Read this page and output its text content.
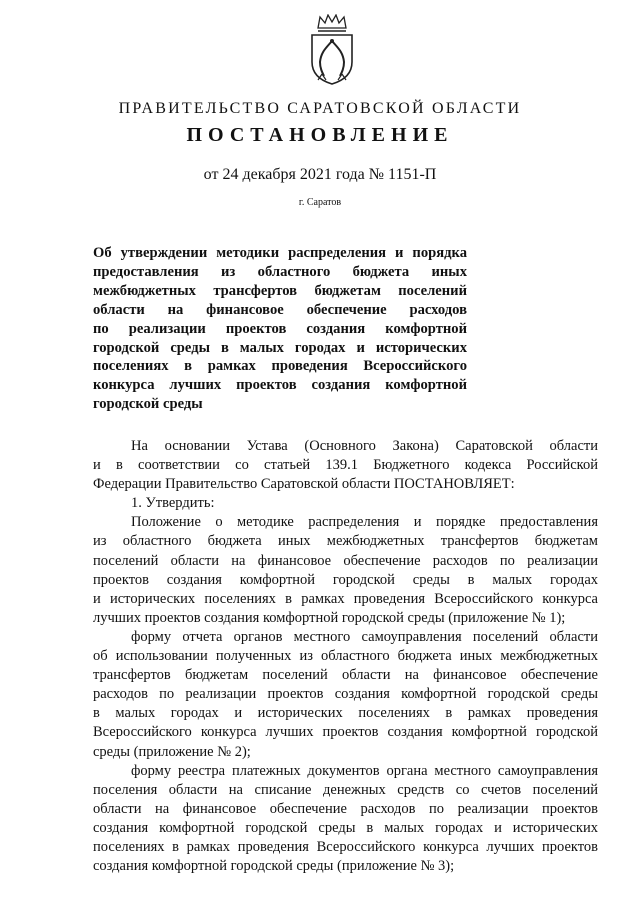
ПРАВИТЕЛЬСТВО САРАТОВСКОЙ ОБЛАСТИ
ПОСТАНОВЛЕНИЕ
от 24 декабря 2021 года № 1151-П
г. Саратов

Об утверждении методики распределения и порядка
предоставления из областного бюджета иных
межбюджетных трансфертов бюджетам поселений
области на финансовое обеспечение расходов
по реализации проектов создания комфортной
городской среды в малых городах и исторических
поселениях в рамках проведения Всероссийского
конкурса лучших проектов создания комфортной
городской среды

На основании Устава (Основного Закона) Саратовской области
и в соответствии со статьей 139.1 Бюджетного кодекса Российской
Федерации Правительство Саратовской области ПОСТАНОВЛЯЕТ:
1. Утвердить:
Положение о методике распределения и порядке предоставления
из областного бюджета иных межбюджетных трансфертов бюджетам
поселений области на финансовое обеспечение расходов по реализации
проектов создания комфортной городской среды в малых городах
и исторических поселениях в рамках проведения Всероссийского конкурса
лучших проектов создания комфортной городской среды (приложение № 1);
форму отчета органов местного самоуправления поселений области
об использовании полученных из областного бюджета иных межбюджетных
трансфертов бюджетам поселений области на финансовое обеспечение
расходов по реализации проектов создания комфортной городской среды
в малых городах и исторических поселениях в рамках проведения
Всероссийского конкурса лучших проектов создания комфортной городской
среды (приложение № 2);
форму реестра платежных документов органа местного самоуправления
поселения области на списание денежных средств со счетов поселений
области на финансовое обеспечение расходов по реализации проектов
создания комфортной городской среды в малых городах и исторических
поселениях в рамках проведения Всероссийского конкурса лучших проектов
создания комфортной городской среды (приложение № 3);
